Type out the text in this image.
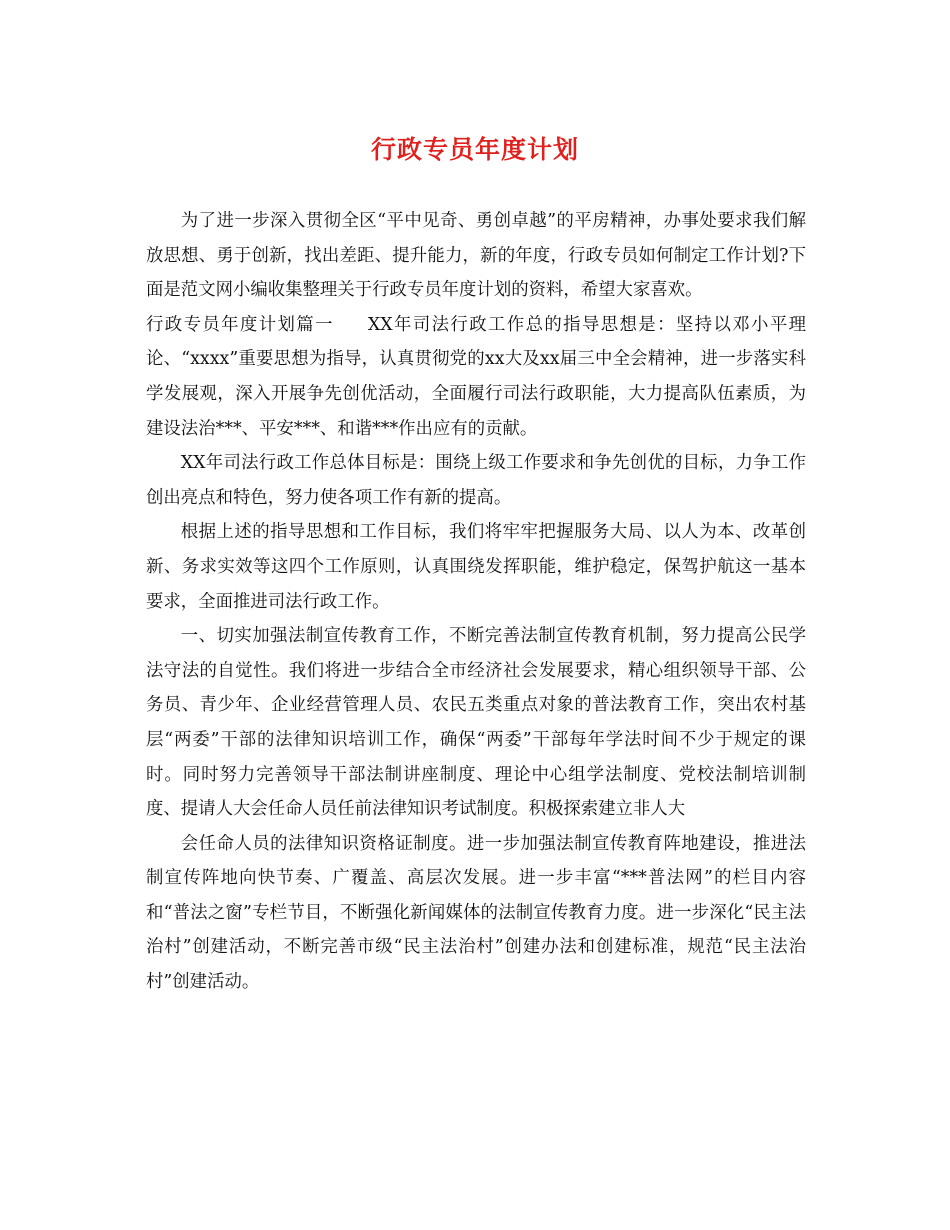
行政专员年度计划

为了进一步深入贯彻全区“平中见奇、勇创卓越”的平房精神，办事处要求我们解放思想、勇于创新，找出差距、提升能力，新的年度，行政专员如何制定工作计划?下面是范文网小编收集整理关于行政专员年度计划的资料，希望大家喜欢。

行政专员年度计划篇一 XX年司法行政工作总的指导思想是：坚持以邓小平理论、“xxxx”重要思想为指导，认真贯彻党的xx大及xx届三中全会精神，进一步落实科学发展观，深入开展争先创优活动，全面履行司法行政职能，大力提高队伍素质，为建设法治***、平安***、和谐***作出应有的贡献。

XX年司法行政工作总体目标是：围绕上级工作要求和争先创优的目标，力争工作创出亮点和特色，努力使各项工作有新的提高。

根据上述的指导思想和工作目标，我们将牢牢把握服务大局、以人为本、改革创新、务求实效等这四个工作原则，认真围绕发挥职能，维护稳定，保驾护航这一基本要求，全面推进司法行政工作。

一、切实加强法制宣传教育工作，不断完善法制宣传教育机制，努力提高公民学法守法的自觉性。我们将进一步结合全市经济社会发展要求，精心组织领导干部、公务员、青少年、企业经营管理人员、农民五类重点对象的普法教育工作，突出农村基层“两委”干部的法律知识培训工作，确保“两委”干部每年学法时间不少于规定的课时。同时努力完善领导干部法制讲座制度、理论中心组学法制度、党校法制培训制度、提请人大会任命人员任前法律知识考试制度。积极探索建立非人大

会任命人员的法律知识资格证制度。进一步加强法制宣传教育阵地建设，推进法制宣传阵地向快节奏、广覆盖、高层次发展。进一步丰富“***普法网”的栏目内容和“普法之窗”专栏节目，不断强化新闻媒体的法制宣传教育力度。进一步深化“民主法治村”创建活动，不断完善市级“民主法治村”创建办法和创建标准，规范“民主法治村”创建活动。
